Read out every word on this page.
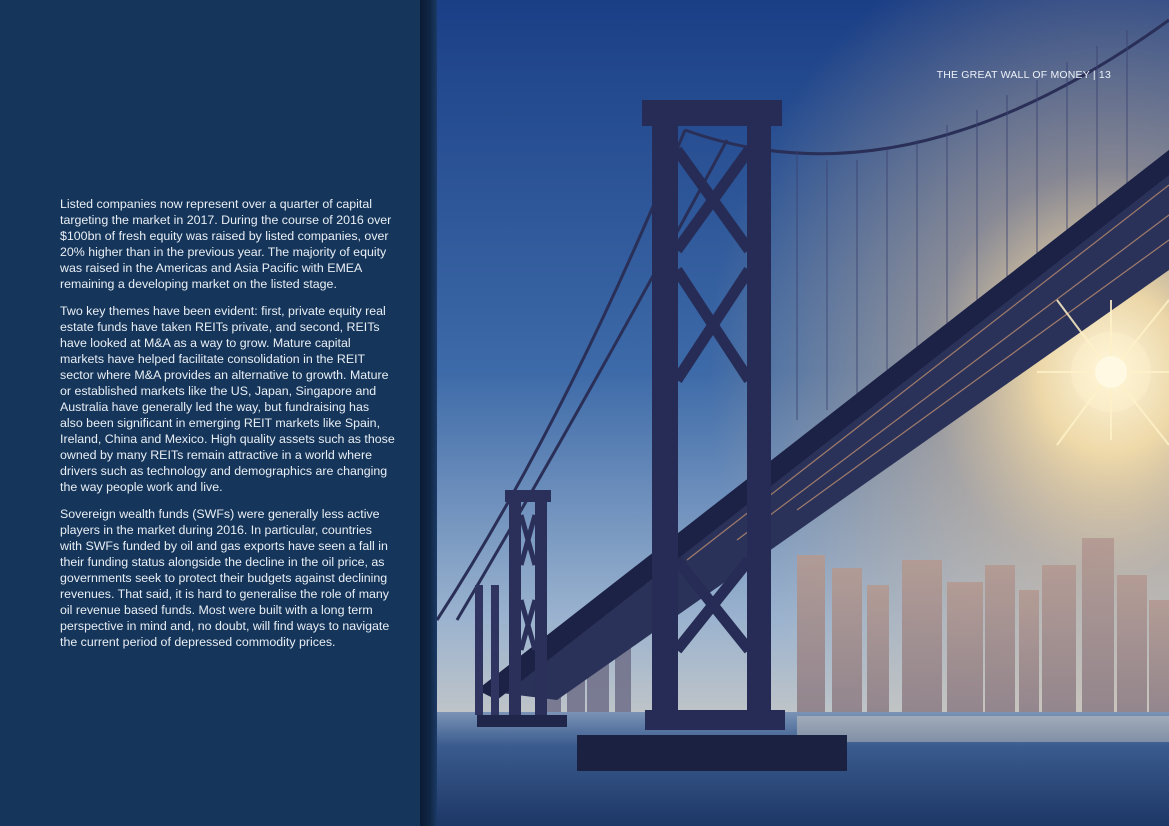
Listed companies now represent over a quarter of capital targeting the market in 2017. During the course of 2016 over $100bn of fresh equity was raised by listed companies, over 20% higher than in the previous year. The majority of equity was raised in the Americas and Asia Pacific with EMEA remaining a developing market on the listed stage.

Two key themes have been evident: first, private equity real estate funds have taken REITs private, and second, REITs have looked at M&A as a way to grow. Mature capital markets have helped facilitate consolidation in the REIT sector where M&A provides an alternative to growth. Mature or established markets like the US, Japan, Singapore and Australia have generally led the way, but fundraising has also been significant in emerging REIT markets like Spain, Ireland, China and Mexico. High quality assets such as those owned by many REITs remain attractive in a world where drivers such as technology and demographics are changing the way people work and live.

Sovereign wealth funds (SWFs) were generally less active players in the market during 2016. In particular, countries with SWFs funded by oil and gas exports have seen a fall in their funding status alongside the decline in the oil price, as governments seek to protect their budgets against declining revenues. That said, it is hard to generalise the role of many oil revenue based funds. Most were built with a long term perspective in mind and, no doubt, will find ways to navigate the current period of depressed commodity prices.

THE GREAT WALL OF MONEY | 13
